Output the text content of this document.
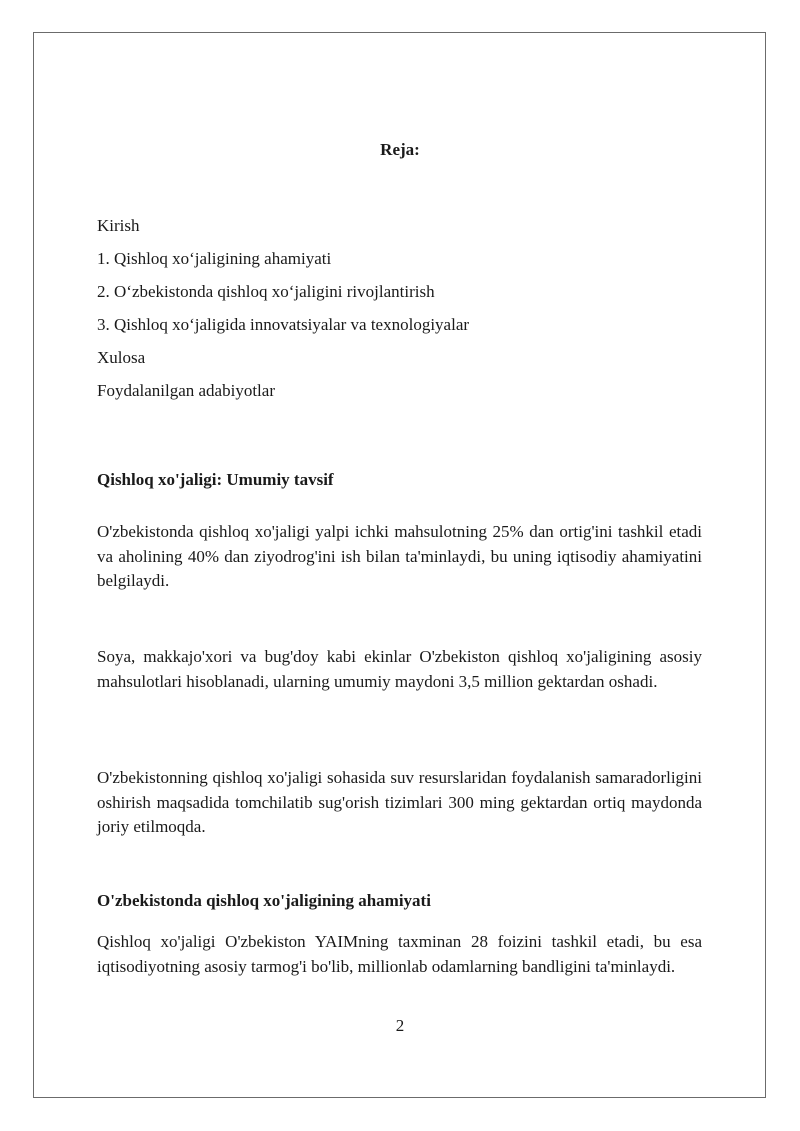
Reja:
Kirish
1. Qishloq xo‘jaligining ahamiyati
2. O‘zbekistonda qishloq xo‘jaligini rivojlantirish
3. Qishloq xo‘jaligida innovatsiyalar va texnologiyalar
Xulosa
Foydalanilgan adabiyotlar
Qishloq xo'jaligi: Umumiy tavsif

O'zbekistonda qishloq xo'jaligi yalpi ichki mahsulotning 25% dan ortig'ini tashkil etadi va aholining 40% dan ziyodrog'ini ish bilan ta'minlaydi, bu uning iqtisodiy ahamiyatini belgilaydi.

Soya, makkajo'xori va bug'doy kabi ekinlar O'zbekiston qishloq xo'jaligining asosiy mahsulotlari hisoblanadi, ularning umumiy maydoni 3,5 million gektardan oshadi.

O'zbekistonning qishloq xo'jaligi sohasida suv resurslaridan foydalanish samaradorligini oshirish maqsadida tomchilatib sug'orish tizimlari 300 ming gektardan ortiq maydonda joriy etilmoqda.

O'zbekistonda qishloq xo'jaligining ahamiyati

Qishloq xo'jaligi O'zbekiston YAIMning taxminan 28 foizini tashkil etadi, bu esa iqtisodiyotning asosiy tarmog'i bo'lib, millionlab odamlarning bandligini ta'minlaydi.

2
